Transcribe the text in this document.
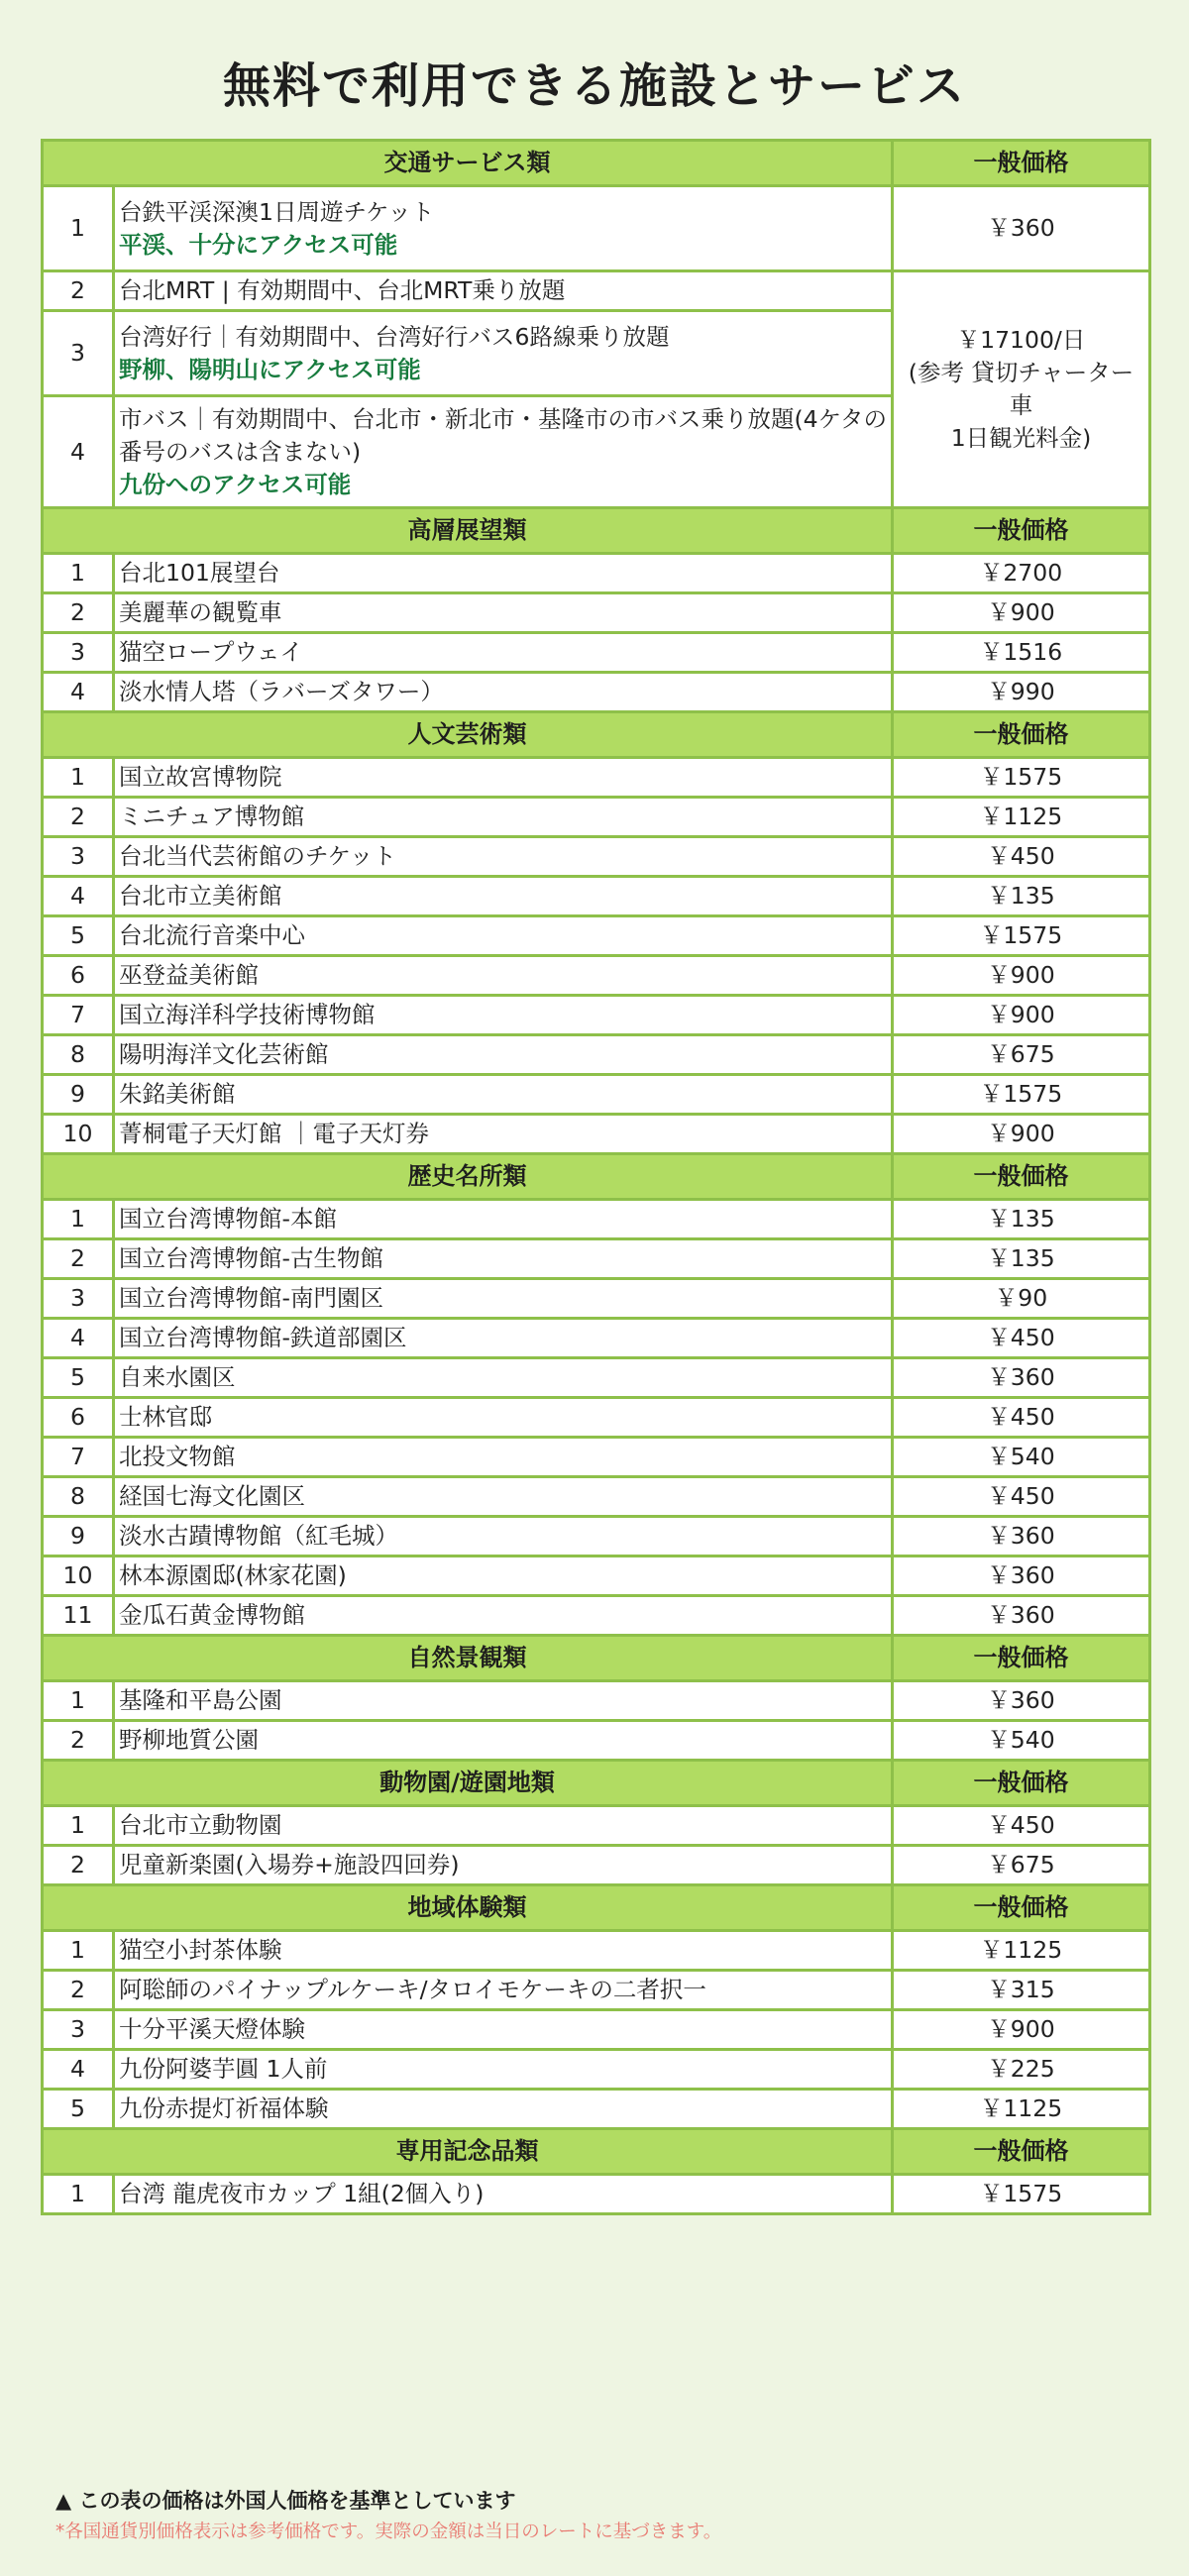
無料で利用できる施設とサービス
交通サービス類		一般価格
1	台鉄平渓深澳1日周遊チケット
平渓、十分にアクセス可能	￥360
2	台北MRT | 有効期間中、台北MRT乗り放題	￥17100/日
(参考 貸切チャーター車
1日観光料金)
3	台湾好行｜有効期間中、台湾好行バス6路線乗り放題
野柳、陽明山にアクセス可能	

4	市バス｜有効期間中、台北市・新北市・基隆市の市バス乗り放題(4ケタの番号のバスは含まない)
九份へのアクセス可能	

高層展望類		一般価格
1	台北101展望台	￥2700
2	美麗華の観覧車	￥900
3	猫空ロープウェイ	￥1516
4	淡水情人塔（ラバーズタワー）	￥990
人文芸術類		一般価格
1	国立故宮博物院	￥1575
2	ミニチュア博物館	￥1125
3	台北当代芸術館のチケット	￥450
4	台北市立美術館	￥135
5	台北流行音楽中心	￥1575
6	巫登益美術館	￥900
7	国立海洋科学技術博物館	￥900
8	陽明海洋文化芸術館	￥675
9	朱銘美術館	￥1575
10	菁桐電子天灯館 ｜電子天灯券	￥900
歴史名所類		一般価格
1	国立台湾博物館-本館	￥135
2	国立台湾博物館-古生物館	￥135
3	国立台湾博物館-南門園区	￥90
4	国立台湾博物館-鉄道部園区	￥450
5	自来水園区	￥360
6	士林官邸	￥450
7	北投文物館	￥540
8	経国七海文化園区	￥450
9	淡水古蹟博物館（紅毛城）	￥360
10	林本源園邸(林家花園)	￥360
11	金瓜石黄金博物館	￥360
自然景観類		一般価格
1	基隆和平島公園	￥360
2	野柳地質公園	￥540
動物園/遊園地類		一般価格
1	台北市立動物園	￥450
2	児童新楽園(入場券+施設四回券)	￥675
地域体験類		一般価格
1	猫空小封茶体験	￥1125
2	阿聡師のパイナップルケーキ/タロイモケーキの二者択一	￥315
3	十分平溪天燈体験	￥900
4	九份阿婆芋圓 1人前	￥225
5	九份赤提灯祈福体験	￥1125
専用記念品類		一般価格
1	台湾 龍虎夜市カップ 1組(2個入り)	￥1575
▲ この表の価格は外国人価格を基準としています
*各国通貨別価格表示は参考価格です。実際の金額は当日のレートに基づきます。
